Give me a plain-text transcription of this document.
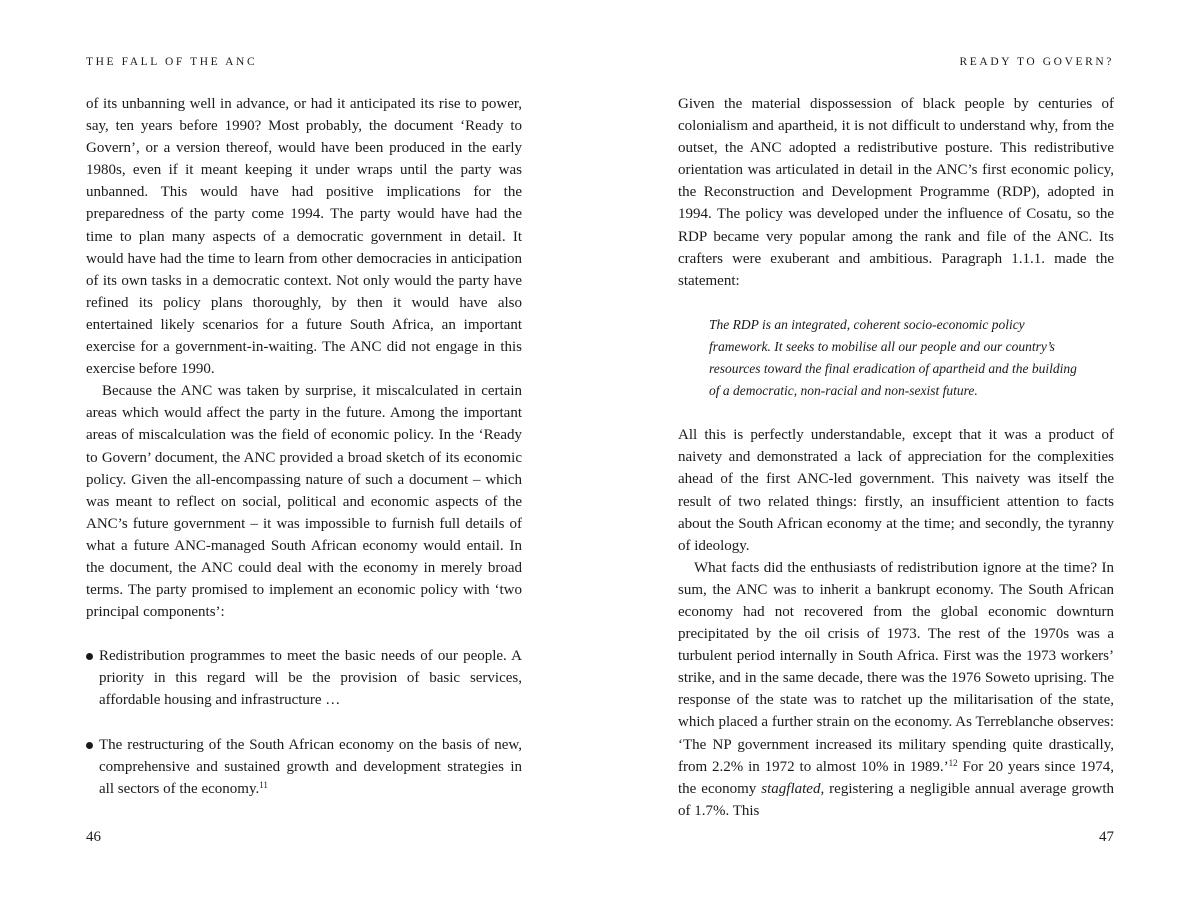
THE FALL OF THE ANC

of its unbanning well in advance, or had it anticipated its rise to power, say, ten years before 1990? Most probably, the document ‘Ready to Govern’, or a version thereof, would have been produced in the early 1980s, even if it meant keeping it under wraps until the party was unbanned. This would have had positive implications for the preparedness of the party come 1994. The party would have had the time to plan many aspects of a democratic government in detail. It would have had the time to learn from other democracies in anticipation of its own tasks in a democratic context. Not only would the party have refined its policy plans thoroughly, by then it would have also entertained likely scenarios for a future South Africa, an important exercise for a government-in-waiting. The ANC did not engage in this exercise before 1990.

Because the ANC was taken by surprise, it miscalculated in certain areas which would affect the party in the future. Among the important areas of miscalculation was the field of economic policy. In the ‘Ready to Govern’ document, the ANC provided a broad sketch of its economic policy. Given the all-encompassing nature of such a document – which was meant to reflect on social, political and economic aspects of the ANC’s future government – it was impossible to furnish full details of what a future ANC-managed South African economy would entail. In the document, the ANC could deal with the economy in merely broad terms. The party promised to implement an economic policy with ‘two principal components’:

Redistribution programmes to meet the basic needs of our people. A priority in this regard will be the provision of basic services, affordable housing and infrastructure …
The restructuring of the South African economy on the basis of new, comprehensive and sustained growth and development strategies in all sectors of the economy.$^{11}$
46
READY TO GOVERN?

Given the material dispossession of black people by centuries of colonialism and apartheid, it is not difficult to understand why, from the outset, the ANC adopted a redistributive posture. This redistributive orientation was articulated in detail in the ANC’s first economic policy, the Reconstruction and Development Programme (RDP), adopted in 1994. The policy was developed under the influence of Cosatu, so the RDP became very popular among the rank and file of the ANC. Its crafters were exuberant and ambitious. Paragraph 1.1.1. made the statement:

The RDP is an integrated, coherent socio-economic policy framework. It seeks to mobilise all our people and our country’s resources toward the final eradication of apartheid and the building of a democratic, non-racial and non-sexist future.

All this is perfectly understandable, except that it was a product of naivety and demonstrated a lack of appreciation for the complexities ahead of the first ANC-led government. This naivety was itself the result of two related things: firstly, an insufficient attention to facts about the South African economy at the time; and secondly, the tyranny of ideology.

What facts did the enthusiasts of redistribution ignore at the time? In sum, the ANC was to inherit a bankrupt economy. The South African economy had not recovered from the global economic downturn precipitated by the oil crisis of 1973. The rest of the 1970s was a turbulent period internally in South Africa. First was the 1973 workers’ strike, and in the same decade, there was the 1976 Soweto uprising. The response of the state was to ratchet up the militarisation of the state, which placed a further strain on the economy. As Terreblanche observes: ‘The NP government increased its military spending quite drastically, from 2.2% in 1972 to almost 10% in 1989.’$^{12}$ For 20 years since 1974, the economy stagflated, registering a negligible annual average growth of 1.7%. This

47
